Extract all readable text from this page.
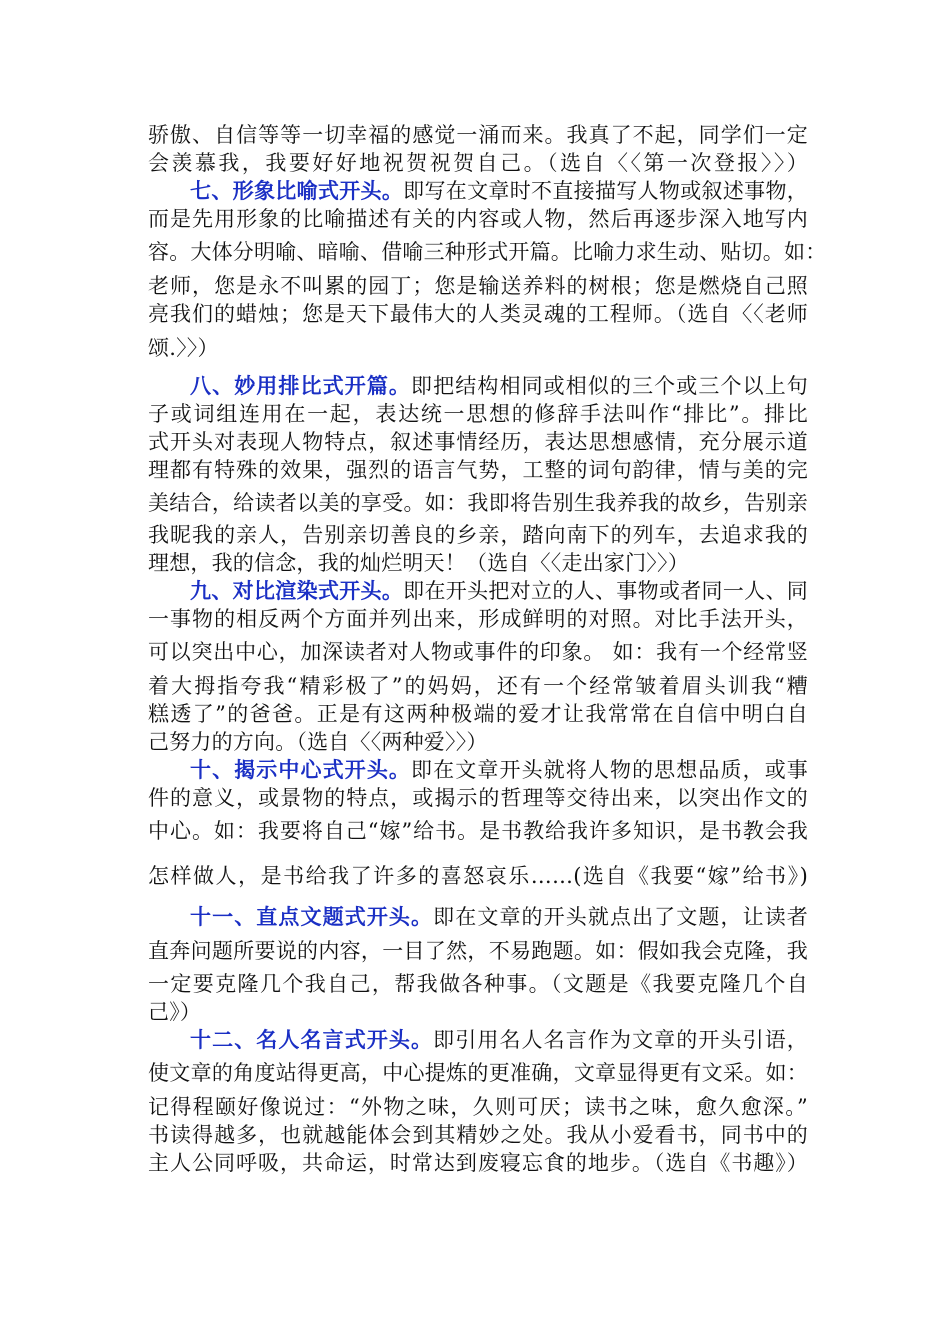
骄傲、自信等等一切幸福的感觉一涌而来。我真了不起，同学们一定
会羡慕我，我要好好地祝贺祝贺自己。（选自〈〈第一次登报〉〉）
七、形象比喻式开头。即写在文章时不直接描写人物或叙述事物，
而是先用形象的比喻描述有关的内容或人物，然后再逐步深入地写内
容。大体分明喻、暗喻、借喻三种形式开篇。比喻力求生动、贴切。如：
老师，您是永不叫累的园丁；您是输送养料的树根；您是燃烧自己照
亮我们的蜡烛；您是天下最伟大的人类灵魂的工程师。（选自〈〈老师
颂.〉〉）
八、妙用排比式开篇。即把结构相同或相似的三个或三个以上句
子或词组连用在一起，表达统一思想的修辞手法叫作“排比”。排比
式开头对表现人物特点，叙述事情经历，表达思想感情，充分展示道
理都有特殊的效果，强烈的语言气势，工整的词句韵律，情与美的完
美结合，给读者以美的享受。如：我即将告别生我养我的故乡，告别亲
我昵我的亲人，告别亲切善良的乡亲，踏向南下的列车，去追求我的
理想，我的信念，我的灿烂明天！（选自〈〈走出家门〉〉）
九、对比渲染式开头。即在开头把对立的人、事物或者同一人、同
一事物的相反两个方面并列出来，形成鲜明的对照。对比手法开头，
可以突出中心，加深读者对人物或事件的印象。 如：我有一个经常竖
着大拇指夸我“精彩极了”的妈妈，还有一个经常皱着眉头训我“糟
糕透了”的爸爸。正是有这两种极端的爱才让我常常在自信中明白自
己努力的方向。（选自〈〈两种爱〉〉）
十、揭示中心式开头。即在文章开头就将人物的思想品质，或事
件的意义，或景物的特点，或揭示的哲理等交待出来，以突出作文的
中心。如：我要将自己“嫁”给书。是书教给我许多知识，是书教会我
怎样做人，是书给我了许多的喜怒哀乐……(选自《我要“嫁”给书》)
十一、直点文题式开头。即在文章的开头就点出了文题，让读者
直奔问题所要说的内容，一目了然，不易跑题。如：假如我会克隆，我
一定要克隆几个我自己，帮我做各种事。（文题是《我要克隆几个自
己》）
十二、名人名言式开头。即引用名人名言作为文章的开头引语，
使文章的角度站得更高，中心提炼的更准确，文章显得更有文采。如：
记得程颐好像说过：“外物之味，久则可厌；读书之味，愈久愈深。”
书读得越多，也就越能体会到其精妙之处。我从小爱看书，同书中的
主人公同呼吸，共命运，时常达到废寝忘食的地步。（选自《书趣》）
